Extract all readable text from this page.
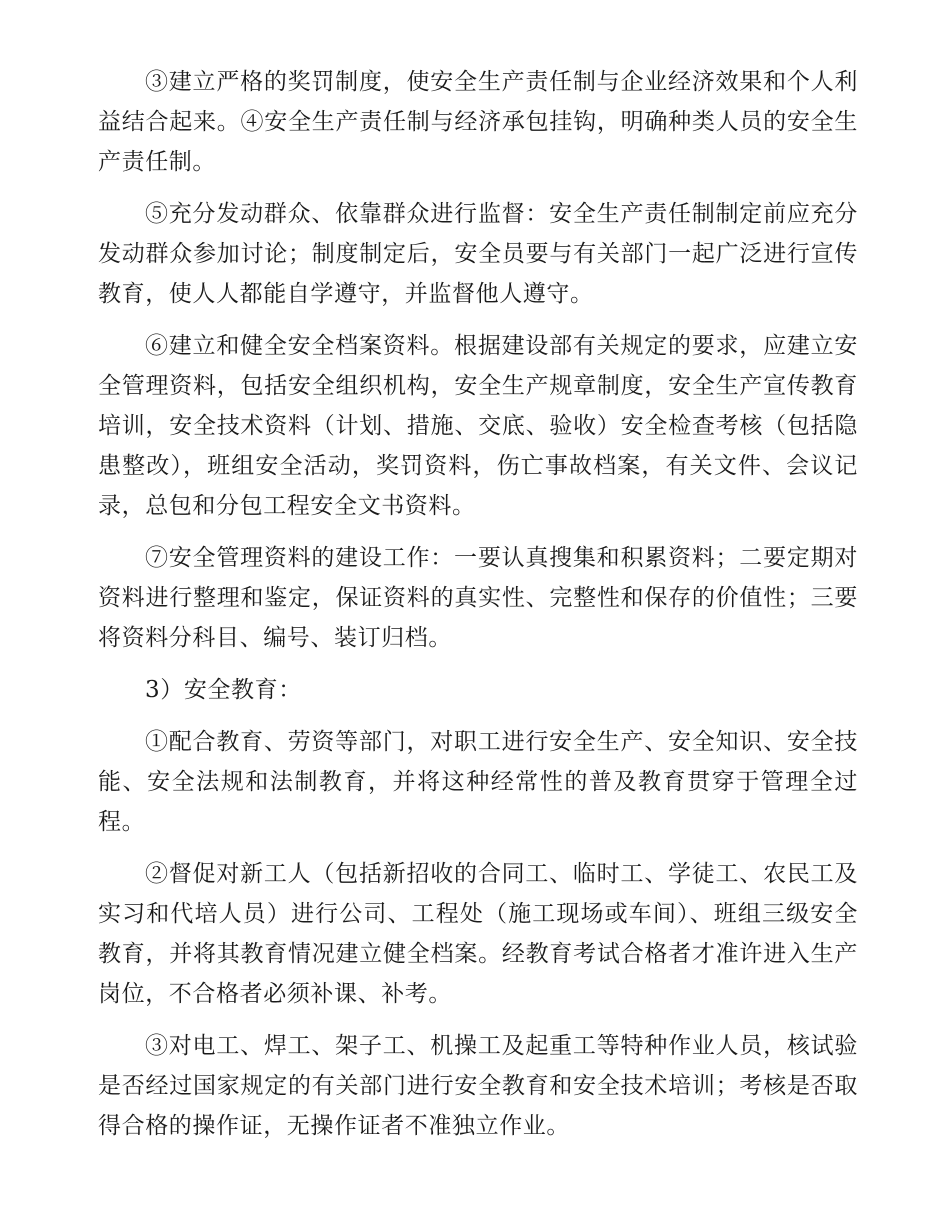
③建立严格的奖罚制度，使安全生产责任制与企业经济效果和个人利益结合起来。④安全生产责任制与经济承包挂钩，明确种类人员的安全生产责任制。

⑤充分发动群众、依靠群众进行监督：安全生产责任制制定前应充分发动群众参加讨论；制度制定后，安全员要与有关部门一起广泛进行宣传教育，使人人都能自学遵守，并监督他人遵守。

⑥建立和健全安全档案资料。根据建设部有关规定的要求，应建立安全管理资料，包括安全组织机构，安全生产规章制度，安全生产宣传教育培训，安全技术资料（计划、措施、交底、验收）安全检查考核（包括隐患整改），班组安全活动，奖罚资料，伤亡事故档案，有关文件、会议记录，总包和分包工程安全文书资料。

⑦安全管理资料的建设工作：一要认真搜集和积累资料；二要定期对资料进行整理和鉴定，保证资料的真实性、完整性和保存的价值性；三要将资料分科目、编号、装订归档。

3）安全教育：

①配合教育、劳资等部门，对职工进行安全生产、安全知识、安全技能、安全法规和法制教育，并将这种经常性的普及教育贯穿于管理全过程。

②督促对新工人（包括新招收的合同工、临时工、学徒工、农民工及实习和代培人员）进行公司、工程处（施工现场或车间）、班组三级安全教育，并将其教育情况建立健全档案。经教育考试合格者才准许进入生产岗位，不合格者必须补课、补考。

③对电工、焊工、架子工、机操工及起重工等特种作业人员，核试验是否经过国家规定的有关部门进行安全教育和安全技术培训；考核是否取得合格的操作证，无操作证者不准独立作业。
